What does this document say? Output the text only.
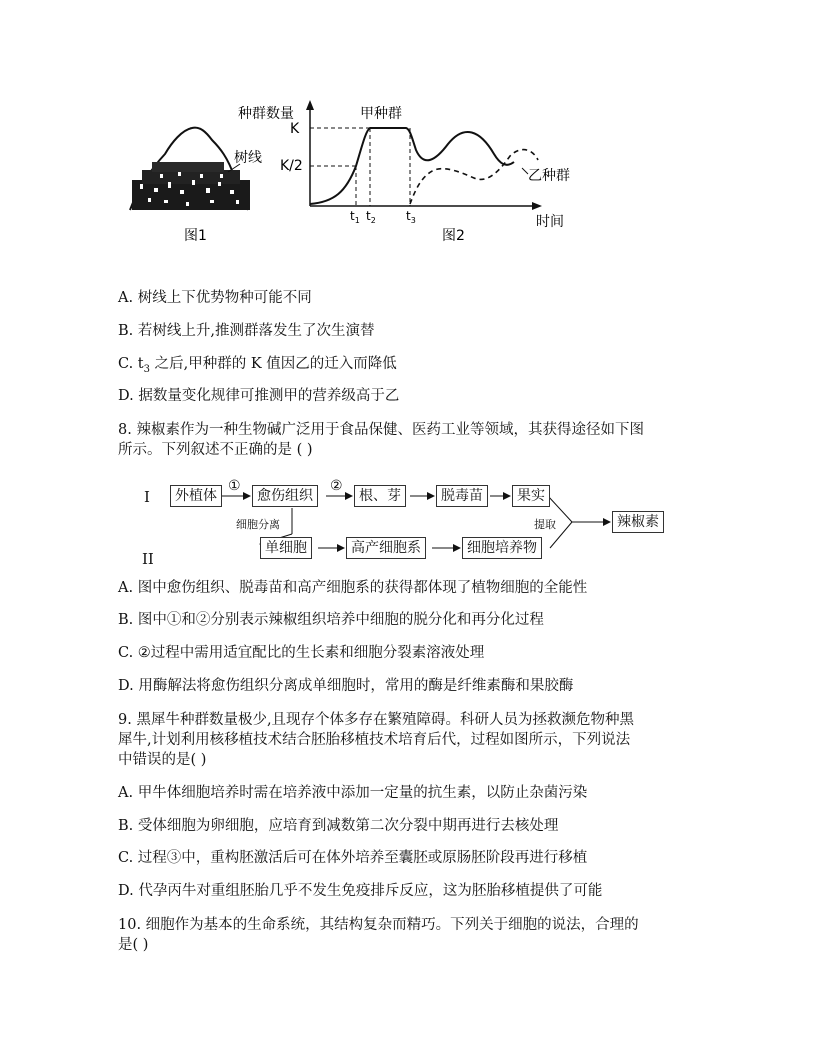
树线
图1
种群数量
K
K/2
甲种群
乙种群
$t_1$ $t_2$	$t_3$	时间
图2
A. 树线上下优势物种可能不同
B. 若树线上升,推测群落发生了次生演替
C. $t_3$ 之后,甲种群的 K 值因乙的迁入而降低
D. 据数量变化规律可推测甲的营养级高于乙
8. 辣椒素作为一种生物碱广泛用于食品保健、医药工业等领域，其获得途径如下图
所示。下列叙述不正确的是 ( )
I
II
外植体
①
愈伤组织
②
根、芽	脱毒苗	果实
细胞分离
单细胞	高产细胞系	细胞培养物
提取	辣椒素
A. 图中愈伤组织、脱毒苗和高产细胞系的获得都体现了植物细胞的全能性
B. 图中①和②分别表示辣椒组织培养中细胞的脱分化和再分化过程
C. ②过程中需用适宜配比的生长素和细胞分裂素溶液处理
D. 用酶解法将愈伤组织分离成单细胞时，常用的酶是纤维素酶和果胶酶
9. 黑犀牛种群数量极少,且现存个体多存在繁殖障碍。科研人员为拯救濒危物种黑
犀牛,计划利用核移植技术结合胚胎移植技术培育后代，过程如图所示，下列说法
中错误的是( )
A. 甲牛体细胞培养时需在培养液中添加一定量的抗生素，以防止杂菌污染
B. 受体细胞为卵细胞，应培育到减数第二次分裂中期再进行去核处理
C. 过程③中，重构胚激活后可在体外培养至囊胚或原肠胚阶段再进行移植
D. 代孕丙牛对重组胚胎几乎不发生免疫排斥反应，这为胚胎移植提供了可能
10. 细胞作为基本的生命系统，其结构复杂而精巧。下列关于细胞的说法，合理的
是( )
